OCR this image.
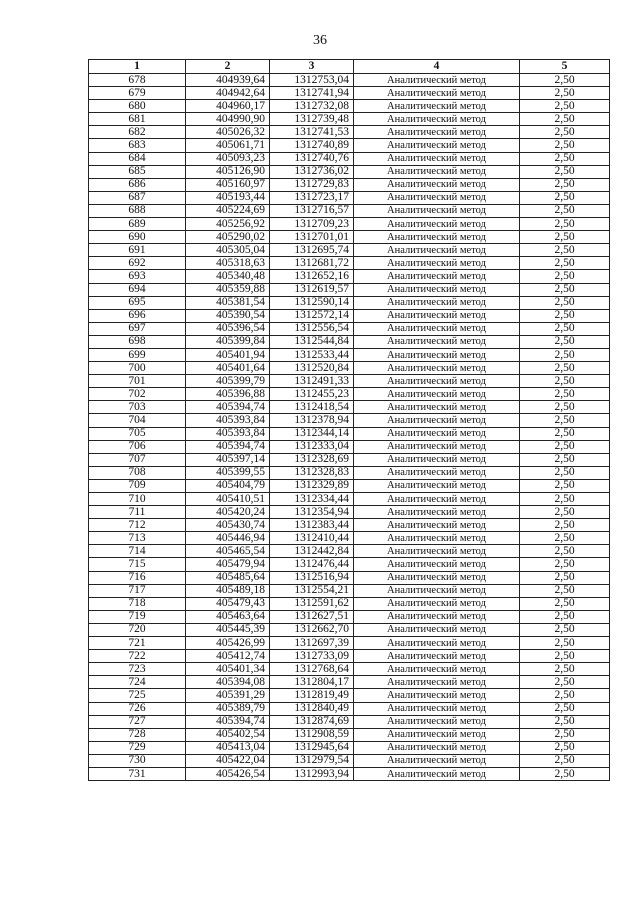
36
1	2	3	4	5
678	404939,64	1312753,04	Аналитический метод	2,50
679	404942,64	1312741,94	Аналитический метод	2,50
680	404960,17	1312732,08	Аналитический метод	2,50
681	404990,90	1312739,48	Аналитический метод	2,50
682	405026,32	1312741,53	Аналитический метод	2,50
683	405061,71	1312740,89	Аналитический метод	2,50
684	405093,23	1312740,76	Аналитический метод	2,50
685	405126,90	1312736,02	Аналитический метод	2,50
686	405160,97	1312729,83	Аналитический метод	2,50
687	405193,44	1312723,17	Аналитический метод	2,50
688	405224,69	1312716,57	Аналитический метод	2,50
689	405256,92	1312709,23	Аналитический метод	2,50
690	405290,02	1312701,01	Аналитический метод	2,50
691	405305,04	1312695,74	Аналитический метод	2,50
692	405318,63	1312681,72	Аналитический метод	2,50
693	405340,48	1312652,16	Аналитический метод	2,50
694	405359,88	1312619,57	Аналитический метод	2,50
695	405381,54	1312590,14	Аналитический метод	2,50
696	405390,54	1312572,14	Аналитический метод	2,50
697	405396,54	1312556,54	Аналитический метод	2,50
698	405399,84	1312544,84	Аналитический метод	2,50
699	405401,94	1312533,44	Аналитический метод	2,50
700	405401,64	1312520,84	Аналитический метод	2,50
701	405399,79	1312491,33	Аналитический метод	2,50
702	405396,88	1312455,23	Аналитический метод	2,50
703	405394,74	1312418,54	Аналитический метод	2,50
704	405393,84	1312378,94	Аналитический метод	2,50
705	405393,84	1312344,14	Аналитический метод	2,50
706	405394,74	1312333,04	Аналитический метод	2,50
707	405397,14	1312328,69	Аналитический метод	2,50
708	405399,55	1312328,83	Аналитический метод	2,50
709	405404,79	1312329,89	Аналитический метод	2,50
710	405410,51	1312334,44	Аналитический метод	2,50
711	405420,24	1312354,94	Аналитический метод	2,50
712	405430,74	1312383,44	Аналитический метод	2,50
713	405446,94	1312410,44	Аналитический метод	2,50
714	405465,54	1312442,84	Аналитический метод	2,50
715	405479,94	1312476,44	Аналитический метод	2,50
716	405485,64	1312516,94	Аналитический метод	2,50
717	405489,18	1312554,21	Аналитический метод	2,50
718	405479,43	1312591,62	Аналитический метод	2,50
719	405463,64	1312627,51	Аналитический метод	2,50
720	405445,39	1312662,70	Аналитический метод	2,50
721	405426,99	1312697,39	Аналитический метод	2,50
722	405412,74	1312733,09	Аналитический метод	2,50
723	405401,34	1312768,64	Аналитический метод	2,50
724	405394,08	1312804,17	Аналитический метод	2,50
725	405391,29	1312819,49	Аналитический метод	2,50
726	405389,79	1312840,49	Аналитический метод	2,50
727	405394,74	1312874,69	Аналитический метод	2,50
728	405402,54	1312908,59	Аналитический метод	2,50
729	405413,04	1312945,64	Аналитический метод	2,50
730	405422,04	1312979,54	Аналитический метод	2,50
731	405426,54	1312993,94	Аналитический метод	2,50
